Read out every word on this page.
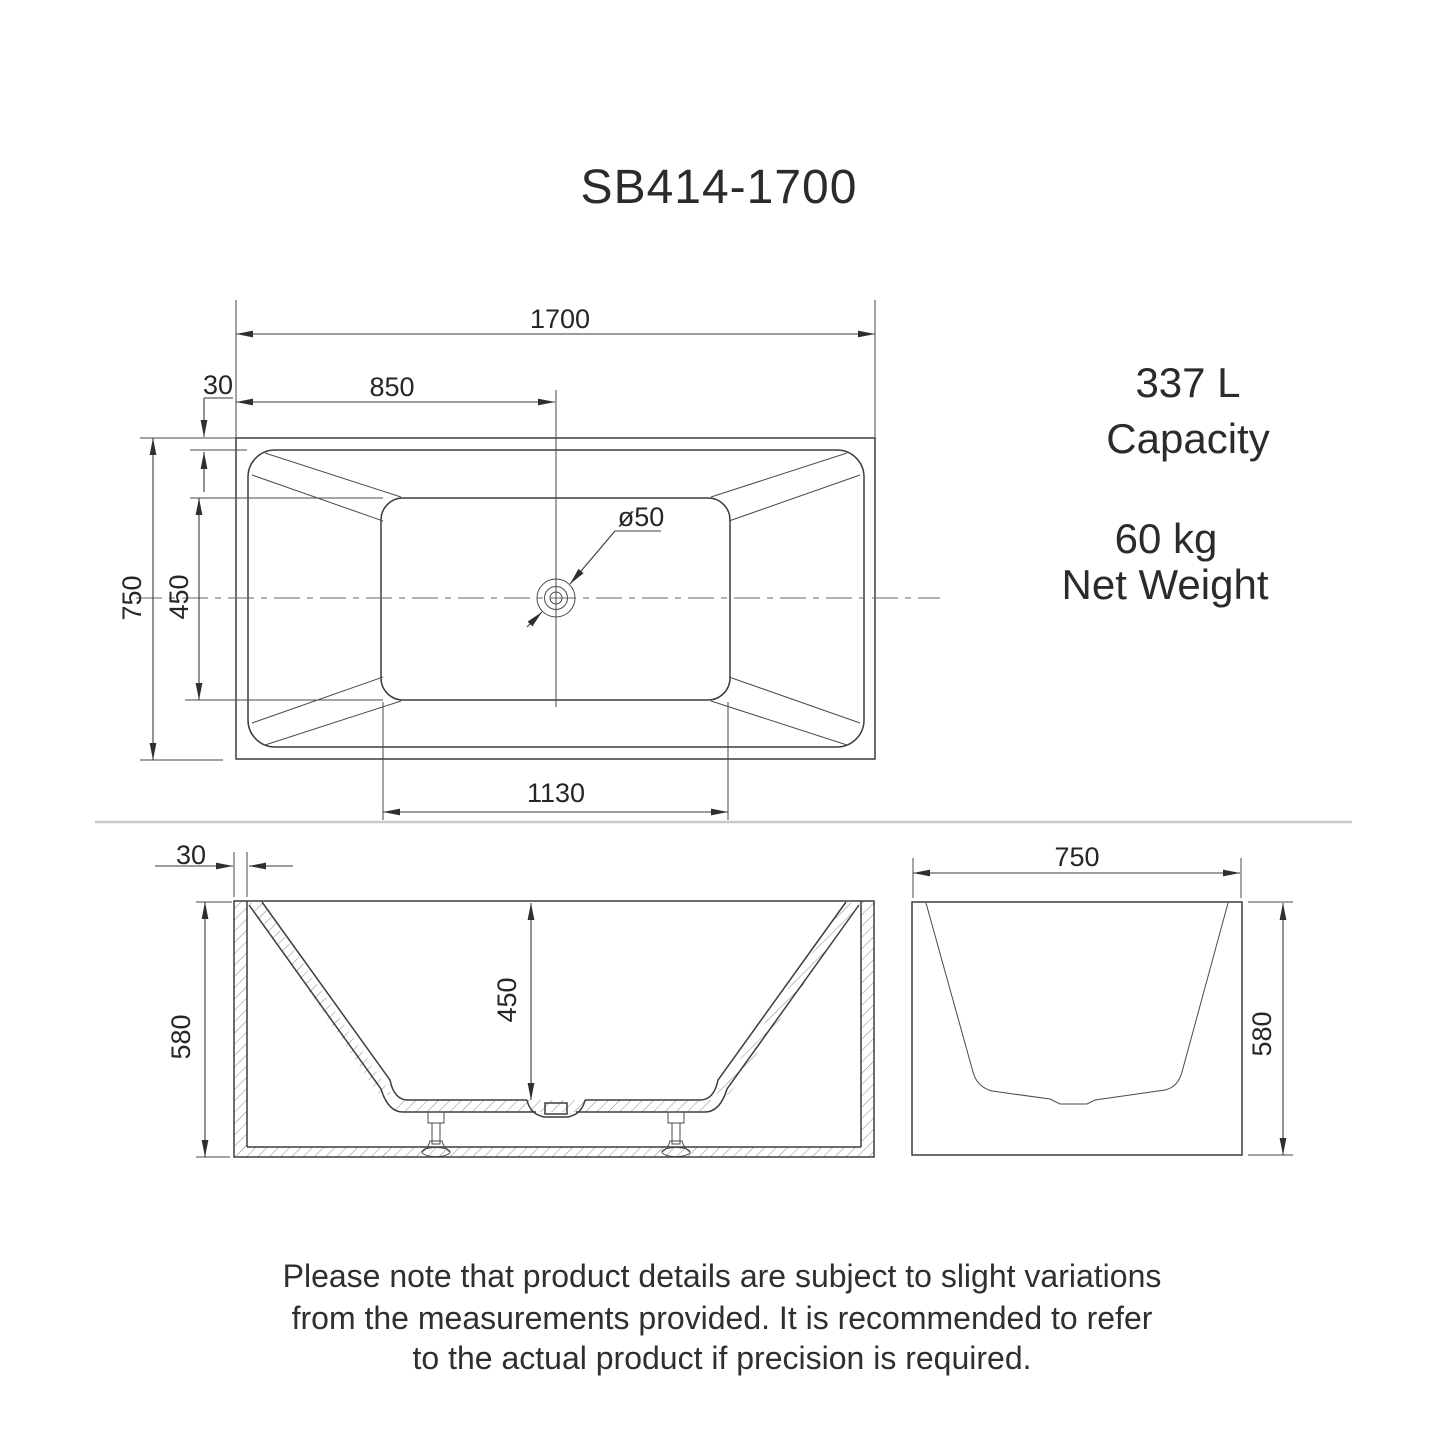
SB414-1700
1700
850
30
750 450
1130
ø50
337 L
Capacity
60 kg
Net Weight
30
580
450
750
580
Please note that product details are subject to slight variations
from the measurements provided. It is recommended to refer
to the actual product if precision is required.
